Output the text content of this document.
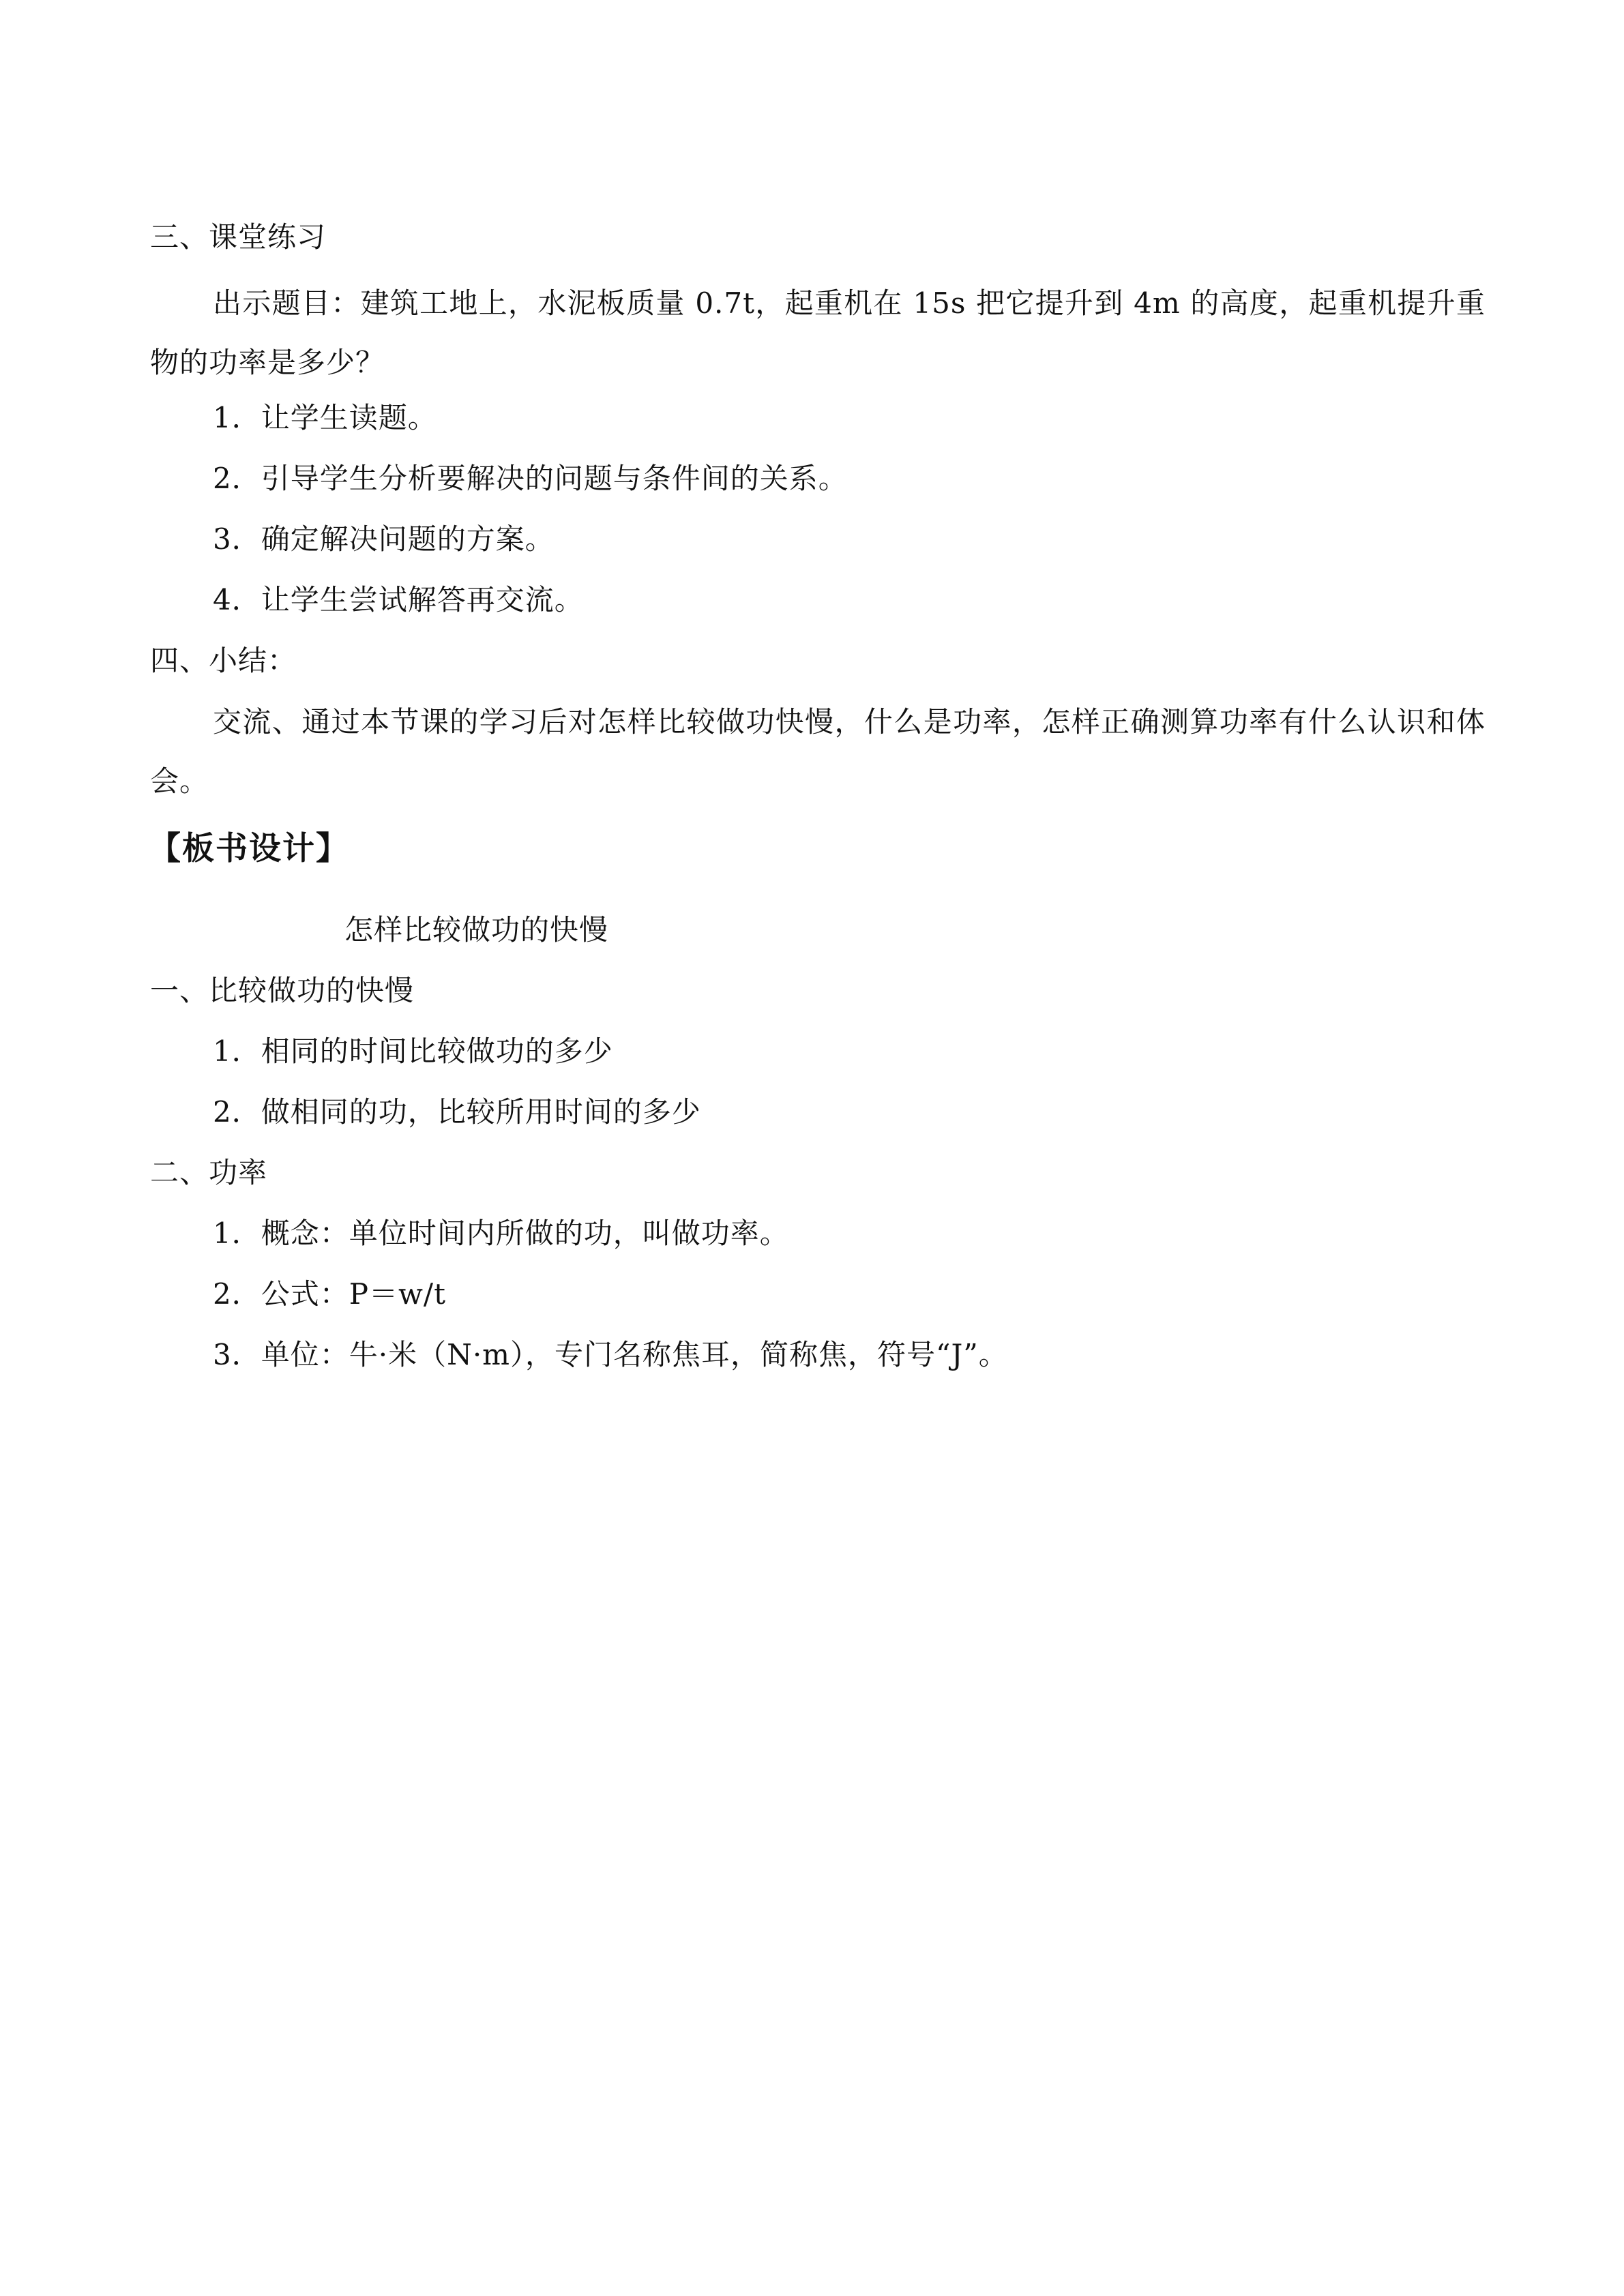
三、课堂练习
出示题目：建筑工地上，水泥板质量 0.7t，起重机在 15s 把它提升到 4m 的高度，起重机提升重物的功率是多少？
1．让学生读题。
2．引导学生分析要解决的问题与条件间的关系。
3．确定解决问题的方案。
4．让学生尝试解答再交流。
四、小结：
交流、通过本节课的学习后对怎样比较做功快慢，什么是功率，怎样正确测算功率有什么认识和体会。
【板书设计】
怎样比较做功的快慢
一、比较做功的快慢
1．相同的时间比较做功的多少
2．做相同的功，比较所用时间的多少
二、功率
1．概念：单位时间内所做的功，叫做功率。
2．公式：P＝w/t
3．单位：牛·米（N·m），专门名称焦耳，简称焦，符号“J”。
